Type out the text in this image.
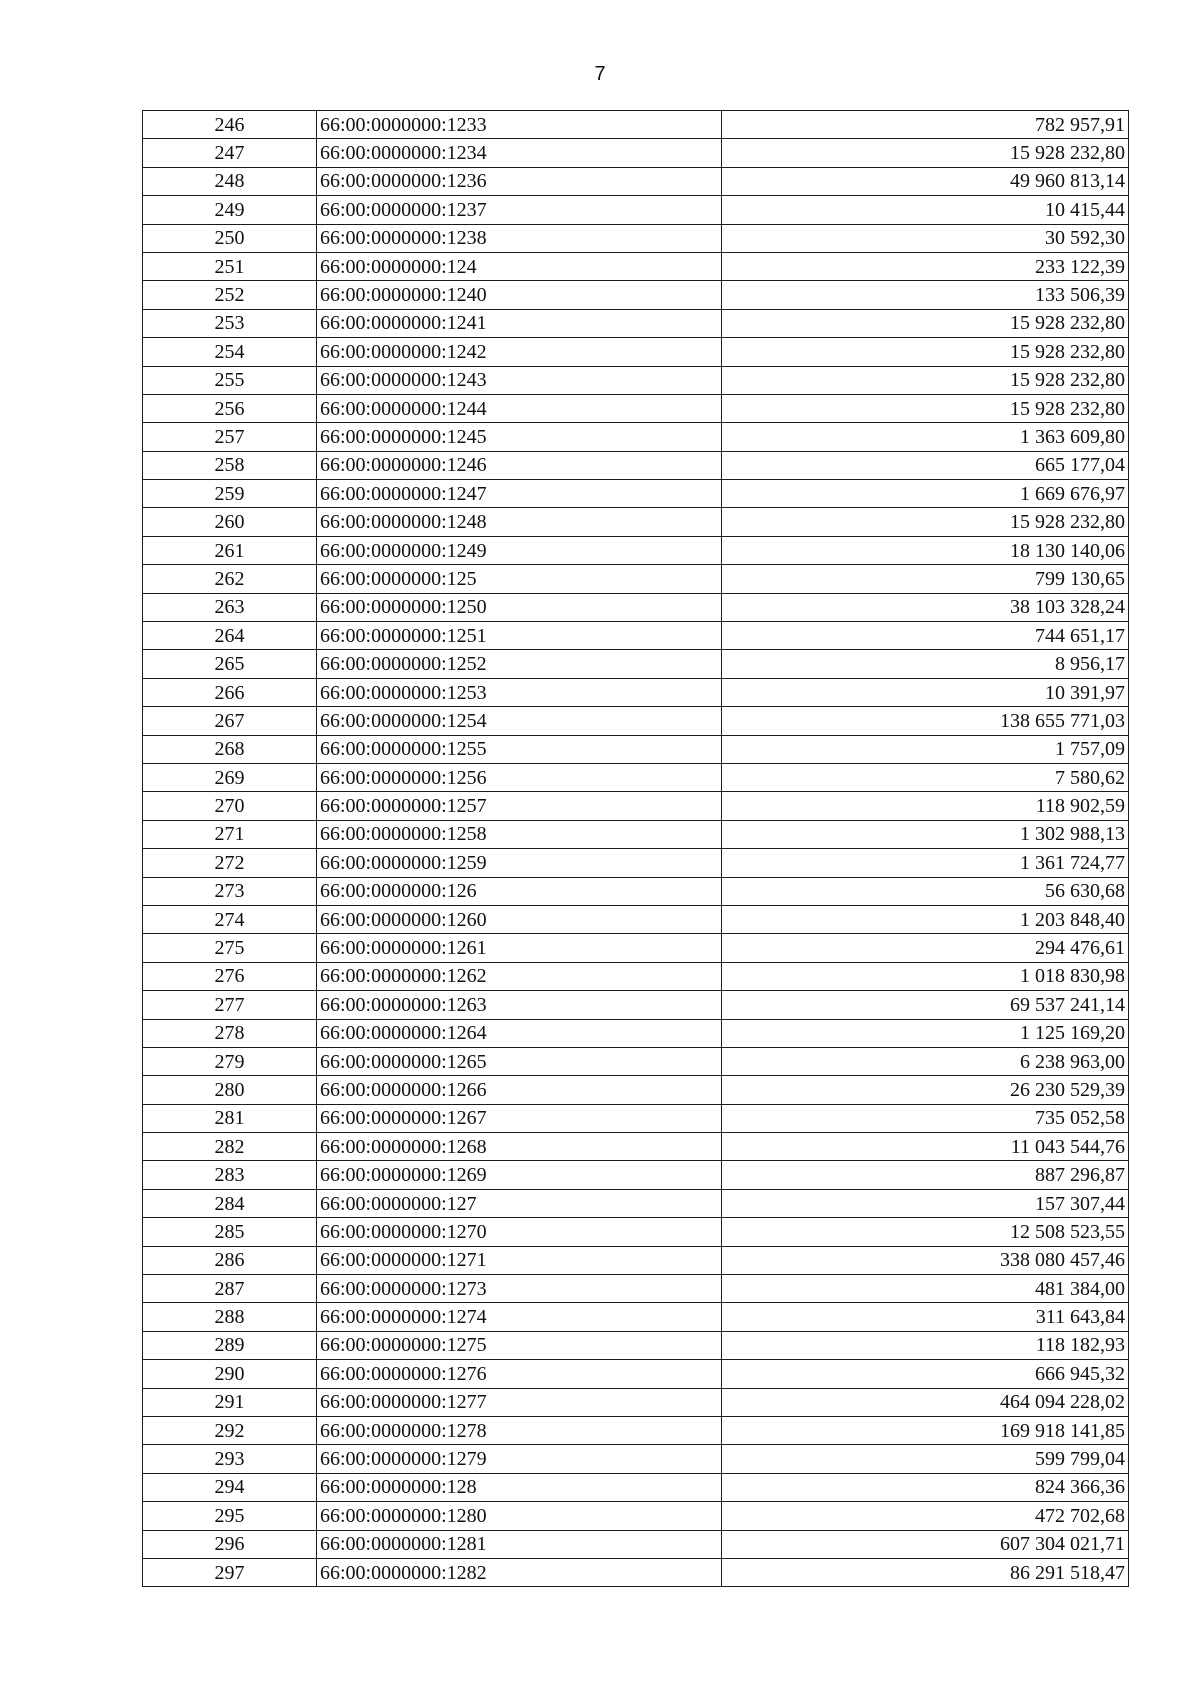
7
246	66:00:0000000:1233	782 957,91
247	66:00:0000000:1234	15 928 232,80
248	66:00:0000000:1236	49 960 813,14
249	66:00:0000000:1237	10 415,44
250	66:00:0000000:1238	30 592,30
251	66:00:0000000:124	233 122,39
252	66:00:0000000:1240	133 506,39
253	66:00:0000000:1241	15 928 232,80
254	66:00:0000000:1242	15 928 232,80
255	66:00:0000000:1243	15 928 232,80
256	66:00:0000000:1244	15 928 232,80
257	66:00:0000000:1245	1 363 609,80
258	66:00:0000000:1246	665 177,04
259	66:00:0000000:1247	1 669 676,97
260	66:00:0000000:1248	15 928 232,80
261	66:00:0000000:1249	18 130 140,06
262	66:00:0000000:125	799 130,65
263	66:00:0000000:1250	38 103 328,24
264	66:00:0000000:1251	744 651,17
265	66:00:0000000:1252	8 956,17
266	66:00:0000000:1253	10 391,97
267	66:00:0000000:1254	138 655 771,03
268	66:00:0000000:1255	1 757,09
269	66:00:0000000:1256	7 580,62
270	66:00:0000000:1257	118 902,59
271	66:00:0000000:1258	1 302 988,13
272	66:00:0000000:1259	1 361 724,77
273	66:00:0000000:126	56 630,68
274	66:00:0000000:1260	1 203 848,40
275	66:00:0000000:1261	294 476,61
276	66:00:0000000:1262	1 018 830,98
277	66:00:0000000:1263	69 537 241,14
278	66:00:0000000:1264	1 125 169,20
279	66:00:0000000:1265	6 238 963,00
280	66:00:0000000:1266	26 230 529,39
281	66:00:0000000:1267	735 052,58
282	66:00:0000000:1268	11 043 544,76
283	66:00:0000000:1269	887 296,87
284	66:00:0000000:127	157 307,44
285	66:00:0000000:1270	12 508 523,55
286	66:00:0000000:1271	338 080 457,46
287	66:00:0000000:1273	481 384,00
288	66:00:0000000:1274	311 643,84
289	66:00:0000000:1275	118 182,93
290	66:00:0000000:1276	666 945,32
291	66:00:0000000:1277	464 094 228,02
292	66:00:0000000:1278	169 918 141,85
293	66:00:0000000:1279	599 799,04
294	66:00:0000000:128	824 366,36
295	66:00:0000000:1280	472 702,68
296	66:00:0000000:1281	607 304 021,71
297	66:00:0000000:1282	86 291 518,47
